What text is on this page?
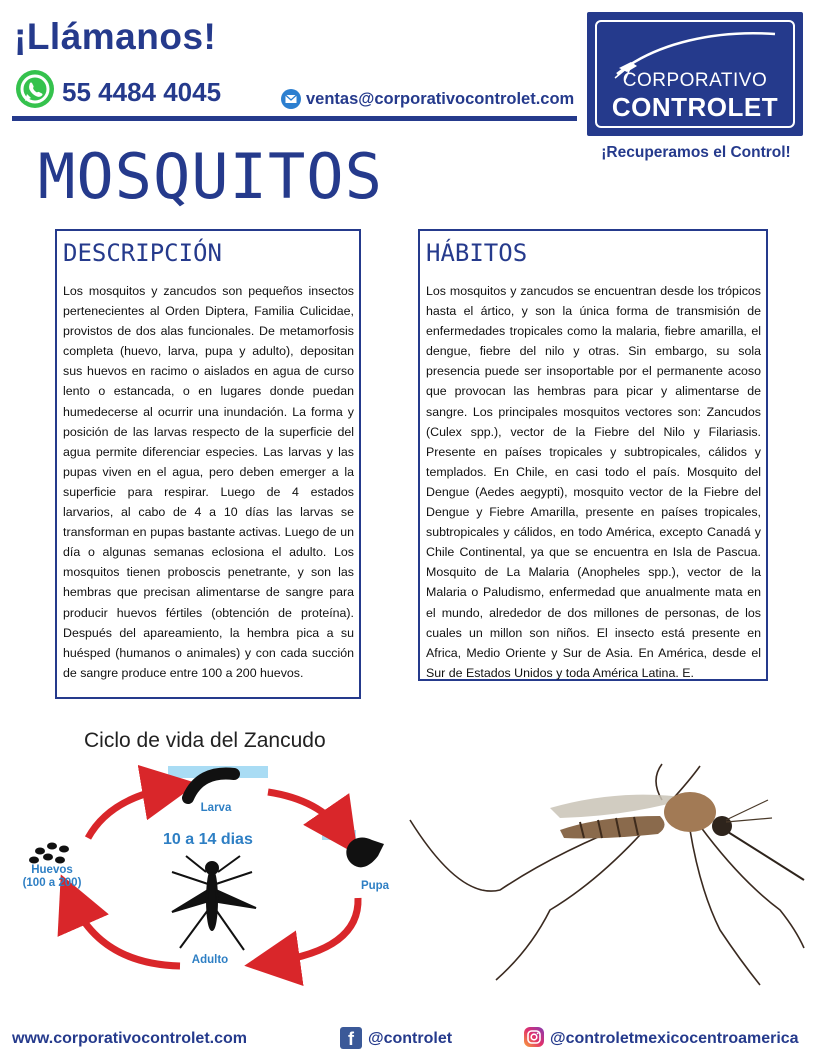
¡Llámanos!
55 4484 4045	ventas@corporativocontrolet.com
CORPORATIVO
CONTROLET
¡Recuperamos el Control!
MOSQUITOS
DESCRIPCIÓN
Los mosquitos y zancudos son pequeños insectos pertenecientes al Orden Diptera, Familia Culicidae, provistos de dos alas funcionales. De metamorfosis completa (huevo, larva, pupa y adulto), depositan sus huevos en racimo o aislados en agua de curso lento o estancada, o en lugares donde puedan humedecerse al ocurrir una inundación. La forma y posición de las larvas respecto de la superficie del agua permite diferenciar especies. Las larvas y las pupas viven en el agua, pero deben emerger a la superficie para respirar. Luego de 4 estados larvarios, al cabo de 4 a 10 días las larvas se transforman en pupas bastante activas. Luego de un día o algunas semanas eclosiona el adulto. Los mosquitos tienen proboscis penetrante, y son las hembras que precisan alimentarse de sangre para producir huevos fértiles (obtención de proteína). Después del apareamiento, la hembra pica a su huésped (humanos o animales) y con cada succión de sangre produce entre 100 a 200 huevos.
HÁBITOS
Los mosquitos y zancudos se encuentran desde los trópicos hasta el ártico, y son la única forma de transmisión de enfermedades tropicales como la malaria, fiebre amarilla, el dengue, fiebre del nilo y otras. Sin embargo, su sola presencia puede ser insoportable por el permanente acoso que provocan las hembras para picar y alimentarse de sangre. Los principales mosquitos vectores son: Zancudos (Culex spp.), vector de la Fiebre del Nilo y Filariasis. Presente en países tropicales y subtropicales, cálidos y templados. En Chile, en casi todo el país. Mosquito del Dengue (Aedes aegypti), mosquito vector de la Fiebre del Dengue y Fiebre Amarilla, presente en países tropicales, subtropicales y cálidos, en todo América, excepto Canadá y Chile Continental, ya que se encuentra en Isla de Pascua. Mosquito de La Malaria (Anopheles spp.), vector de la Malaria o Paludismo, enfermedad que anualmente mata en el mundo, alrededor de dos millones de personas, de los cuales un millon son niños. El insecto está presente en Africa, Medio Oriente y Sur de Asia. En América, desde el Sur de Estados Unidos y toda América Latina. E.
Ciclo de vida del Zancudo
Larva
Pupa
Adulto
Huevos
(100 a 200)
10 a 14 dias
www.corporativocontrolet.com	f @controlet	@controletmexicocentroamerica
